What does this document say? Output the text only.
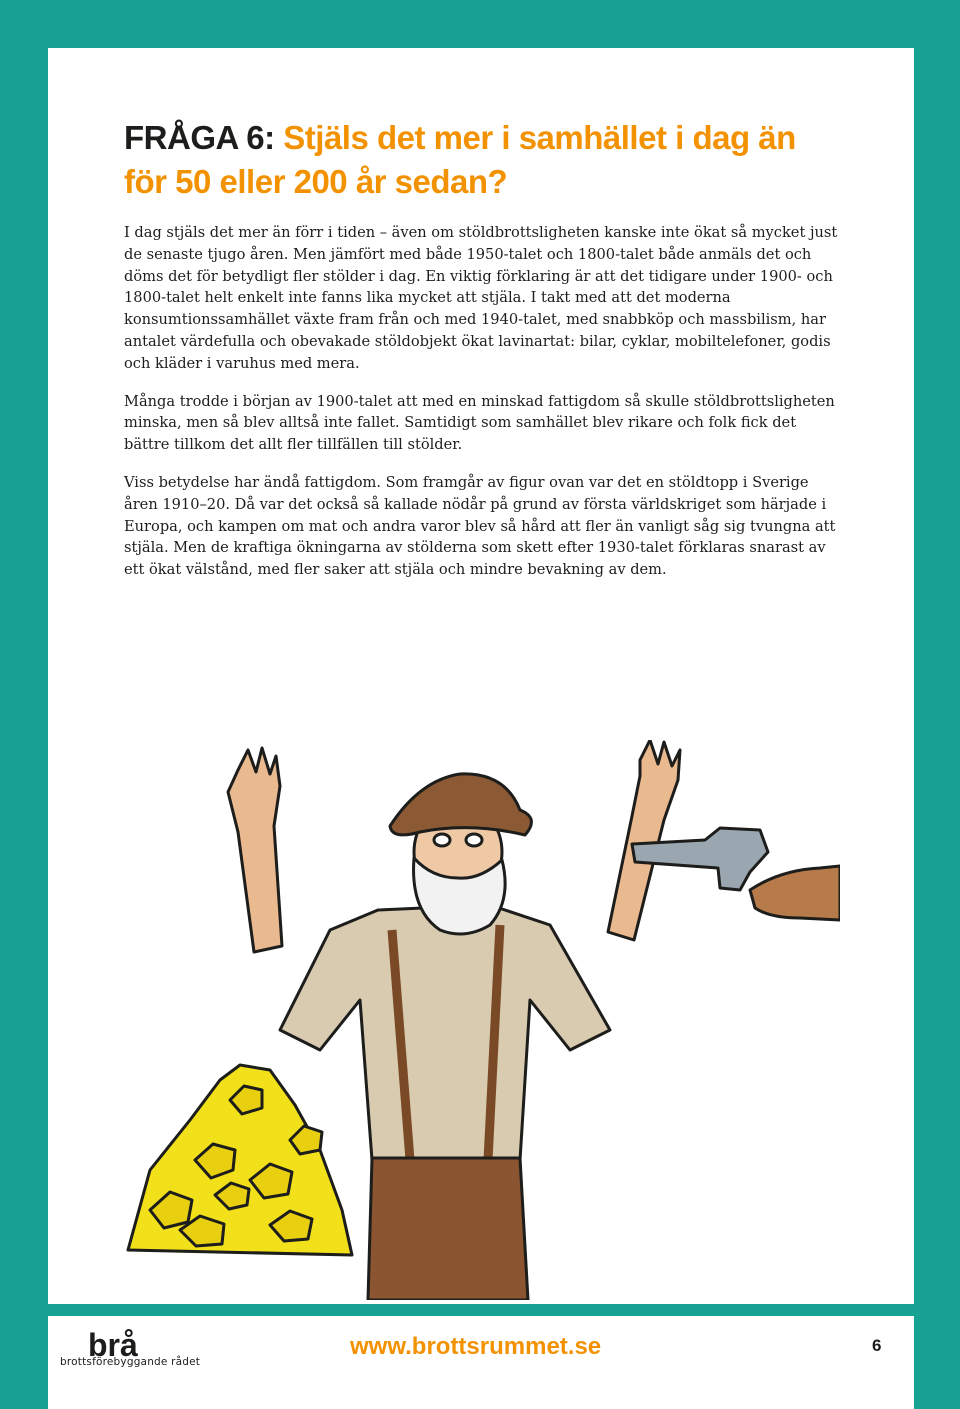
FRÅGA 6: Stjäls det mer i samhället i dag än för 50 eller 200 år sedan?

I dag stjäls det mer än förr i tiden – även om stöldbrottsligheten kanske inte ökat så mycket just de senaste tjugo åren. Men jämfört med både 1950-talet och 1800-talet både anmäls det och döms det för betydligt fler stölder i dag. En viktig förklaring är att det tidigare under 1900- och 1800-talet helt enkelt inte fanns lika mycket att stjäla. I takt med att det moderna konsumtionssamhället växte fram från och med 1940-talet, med snabbköp och massbilism, har antalet värdefulla och obevakade stöldobjekt ökat lavinartat: bilar, cyklar, mobiltelefoner, godis och kläder i varuhus med mera.

Många trodde i början av 1900-talet att med en minskad fattigdom så skulle stöldbrottsligheten minska, men så blev alltså inte fallet. Samtidigt som samhället blev rikare och folk fick det bättre tillkom det allt fler tillfällen till stölder.

Viss betydelse har ändå fattigdom. Som framgår av figur ovan var det en stöldtopp i Sverige åren 1910–20. Då var det också så kallade nödår på grund av första världskriget som härjade i Europa, och kampen om mat och andra varor blev så hård att fler än vanligt såg sig tvungna att stjäla. Men de kraftiga ökningarna av stölderna som skett efter 1930-talet förklaras snarast av ett ökat välstånd, med fler saker att stjäla och mindre bevakning av dem.

brå
brottsförebyggande rådet
www.brottsrummet.se	6
